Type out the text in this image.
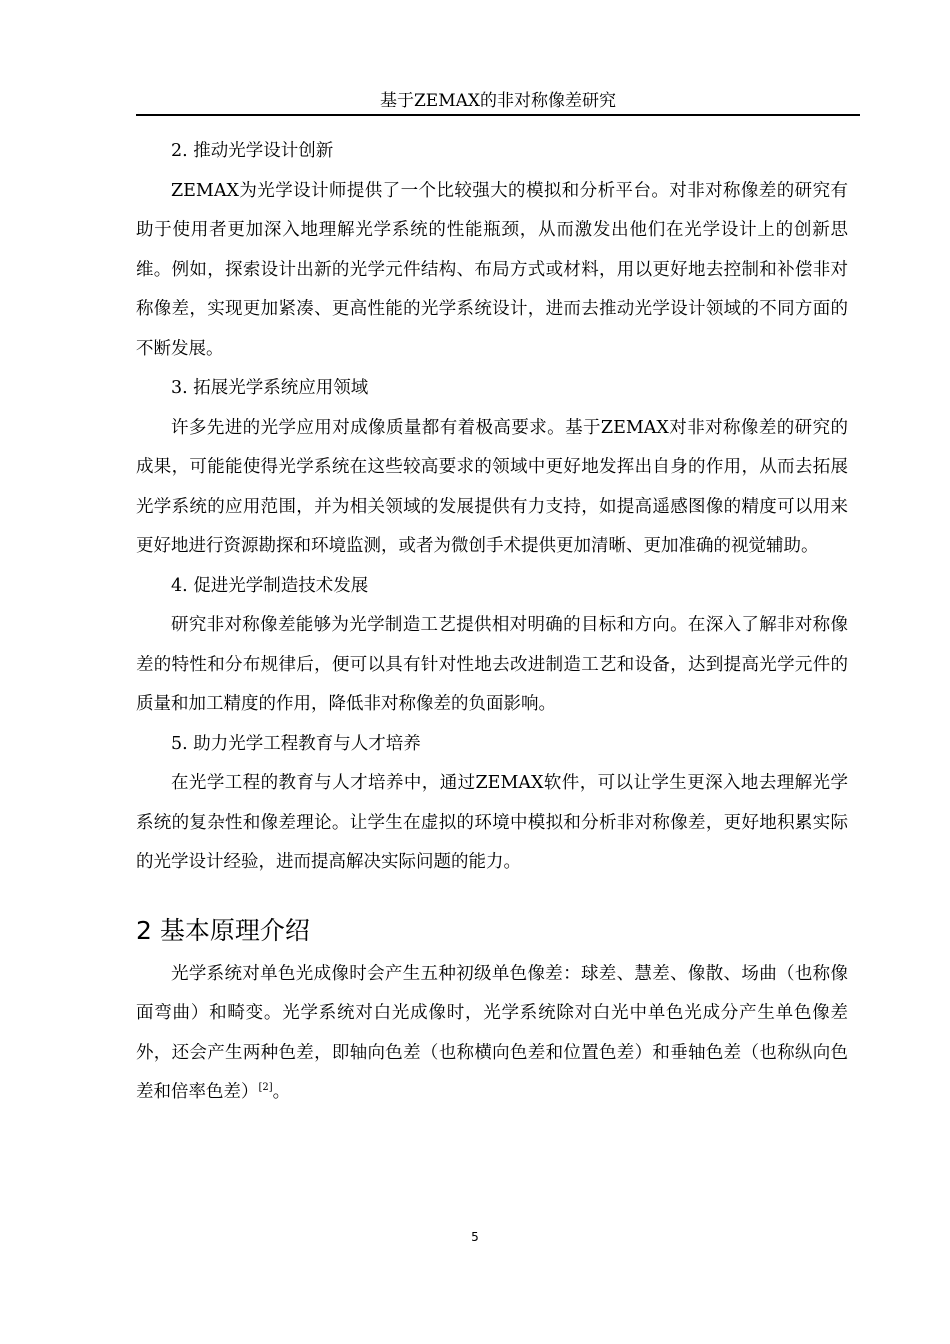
基于ZEMAX的非对称像差研究

2. 推动光学设计创新

ZEMAX为光学设计师提供了一个比较强大的模拟和分析平台。对非对称像差的研究有助于使用者更加深入地理解光学系统的性能瓶颈，从而激发出他们在光学设计上的创新思维。例如，探索设计出新的光学元件结构、布局方式或材料，用以更好地去控制和补偿非对称像差，实现更加紧凑、更高性能的光学系统设计，进而去推动光学设计领域的不同方面的不断发展。

3. 拓展光学系统应用领域

许多先进的光学应用对成像质量都有着极高要求。基于ZEMAX对非对称像差的研究的成果，可能能使得光学系统在这些较高要求的领域中更好地发挥出自身的作用，从而去拓展光学系统的应用范围，并为相关领域的发展提供有力支持，如提高遥感图像的精度可以用来更好地进行资源勘探和环境监测，或者为微创手术提供更加清晰、更加准确的视觉辅助。

4. 促进光学制造技术发展

研究非对称像差能够为光学制造工艺提供相对明确的目标和方向。在深入了解非对称像差的特性和分布规律后，便可以具有针对性地去改进制造工艺和设备，达到提高光学元件的质量和加工精度的作用，降低非对称像差的负面影响。

5. 助力光学工程教育与人才培养

在光学工程的教育与人才培养中，通过ZEMAX软件，可以让学生更深入地去理解光学系统的复杂性和像差理论。让学生在虚拟的环境中模拟和分析非对称像差，更好地积累实际的光学设计经验，进而提高解决实际问题的能力。

2 基本原理介绍

光学系统对单色光成像时会产生五种初级单色像差：球差、慧差、像散、场曲（也称像面弯曲）和畸变。光学系统对白光成像时，光学系统除对白光中单色光成分产生单色像差外，还会产生两种色差，即轴向色差（也称横向色差和位置色差）和垂轴色差（也称纵向色差和倍率色差）[2]。

5
